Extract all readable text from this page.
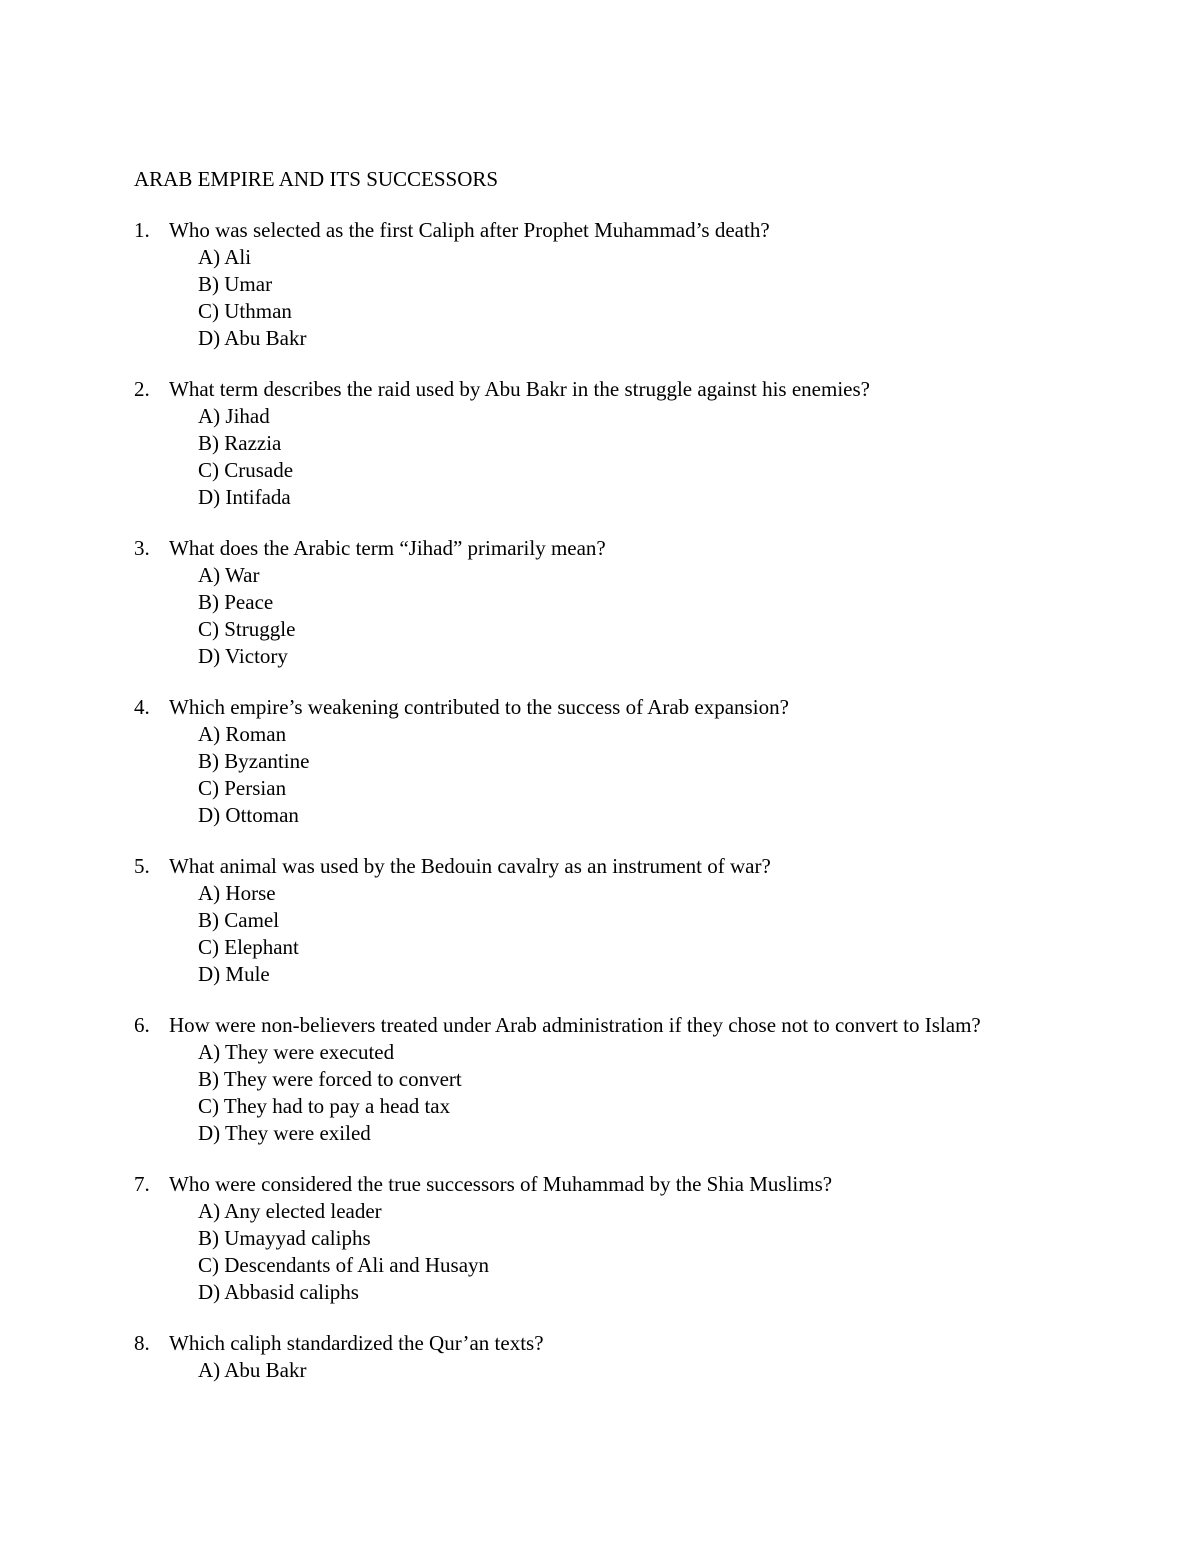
ARAB EMPIRE AND ITS SUCCESSORS
1. Who was selected as the first Caliph after Prophet Muhammad’s death?
A) Ali
B) Umar
C) Uthman
D) Abu Bakr
2. What term describes the raid used by Abu Bakr in the struggle against his enemies?
A) Jihad
B) Razzia
C) Crusade
D) Intifada
3. What does the Arabic term “Jihad” primarily mean?
A) War
B) Peace
C) Struggle
D) Victory
4. Which empire’s weakening contributed to the success of Arab expansion?
A) Roman
B) Byzantine
C) Persian
D) Ottoman
5. What animal was used by the Bedouin cavalry as an instrument of war?
A) Horse
B) Camel
C) Elephant
D) Mule
6. How were non-believers treated under Arab administration if they chose not to convert to Islam?
A) They were executed
B) They were forced to convert
C) They had to pay a head tax
D) They were exiled
7. Who were considered the true successors of Muhammad by the Shia Muslims?
A) Any elected leader
B) Umayyad caliphs
C) Descendants of Ali and Husayn
D) Abbasid caliphs
8. Which caliph standardized the Qur’an texts?
A) Abu Bakr
